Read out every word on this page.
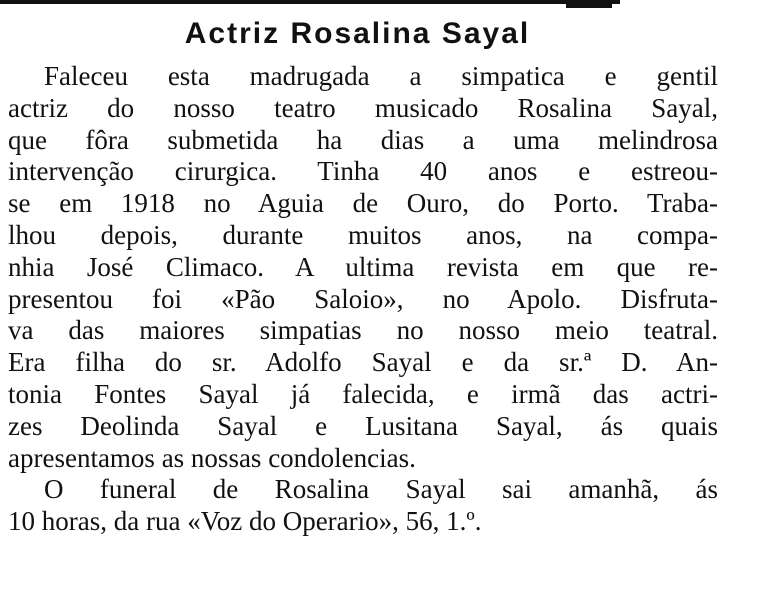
Actriz Rosalina Sayal
Faleceu esta madrugada a simpatica e gentil
actriz do nosso teatro musicado Rosalina Sayal,
que fôra submetida ha dias a uma melindrosa
intervenção cirurgica. Tinha 40 anos e estreou-
se em 1918 no Aguia de Ouro, do Porto. Traba-
lhou depois, durante muitos anos, na compa-
nhia José Climaco. A ultima revista em que re-
presentou foi «Pão Saloio», no Apolo. Disfruta-
va das maiores simpatias no nosso meio teatral.
Era filha do sr. Adolfo Sayal e da sr.ª D. An-
tonia Fontes Sayal já falecida, e irmã das actri-
zes Deolinda Sayal e Lusitana Sayal, ás quais
apresentamos as nossas condolencias.
O funeral de Rosalina Sayal sai amanhã, ás
10 horas, da rua «Voz do Operario», 56, 1.º.
